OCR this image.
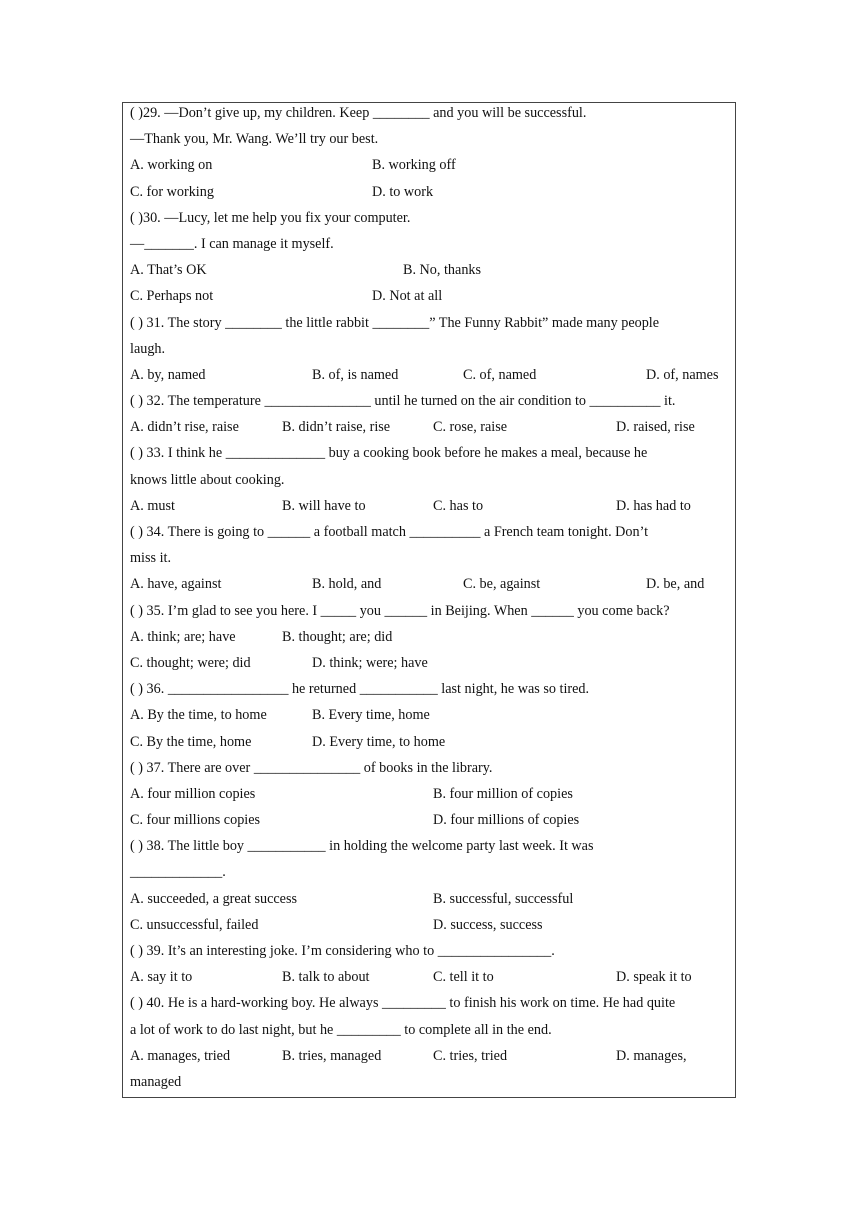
( )29. —Don’t give up, my children. Keep ________ and you will be successful.
—Thank you, Mr. Wang. We’ll try our best.
A. working on	B. working off
C. for working	D. to work
( )30. —Lucy, let me help you fix your computer.
—_______. I can manage it myself.
A. That’s OK	B. No, thanks
C. Perhaps not	D. Not at all
( ) 31. The story ________ the little rabbit ________” The Funny Rabbit” made many people
laugh.
A. by, named	B. of, is named	C. of, named	D. of, names
( ) 32. The temperature _______________ until he turned on the air condition to __________ it.
A. didn’t rise, raise	B. didn’t raise, rise	C. rose, raise	D. raised, rise
( ) 33. I think he ______________ buy a cooking book before he makes a meal, because he
knows little about cooking.
A. must	B. will have to	C. has to	D. has had to
( ) 34. There is going to ______ a football match __________ a French team tonight. Don’t
miss it.
A. have, against	B. hold, and	C. be, against	D. be, and
( ) 35. I’m glad to see you here. I _____ you ______ in Beijing. When ______ you come back?
A. think; are; have	B. thought; are; did
C. thought; were; did	D. think; were; have
( ) 36. _________________ he returned ___________ last night, he was so tired.
A. By the time, to home	B. Every time, home
C. By the time, home	D. Every time, to home
( ) 37. There are over _______________ of books in the library.
A. four million copies	B. four million of copies
C. four millions copies	D. four millions of copies
( ) 38. The little boy ___________ in holding the welcome party last week. It was
_____________.
A. succeeded, a great success	B. successful, successful
C. unsuccessful, failed	D. success, success
( ) 39. It’s an interesting joke. I’m considering who to ________________.
A. say it to	B. talk to about	C. tell it to	D. speak it to
( ) 40. He is a hard-working boy. He always _________ to finish his work on time. He had quite
a lot of work to do last night, but he _________ to complete all in the end.
A. manages, tried	B. tries, managed	C. tries, tried	D. manages,
managed
